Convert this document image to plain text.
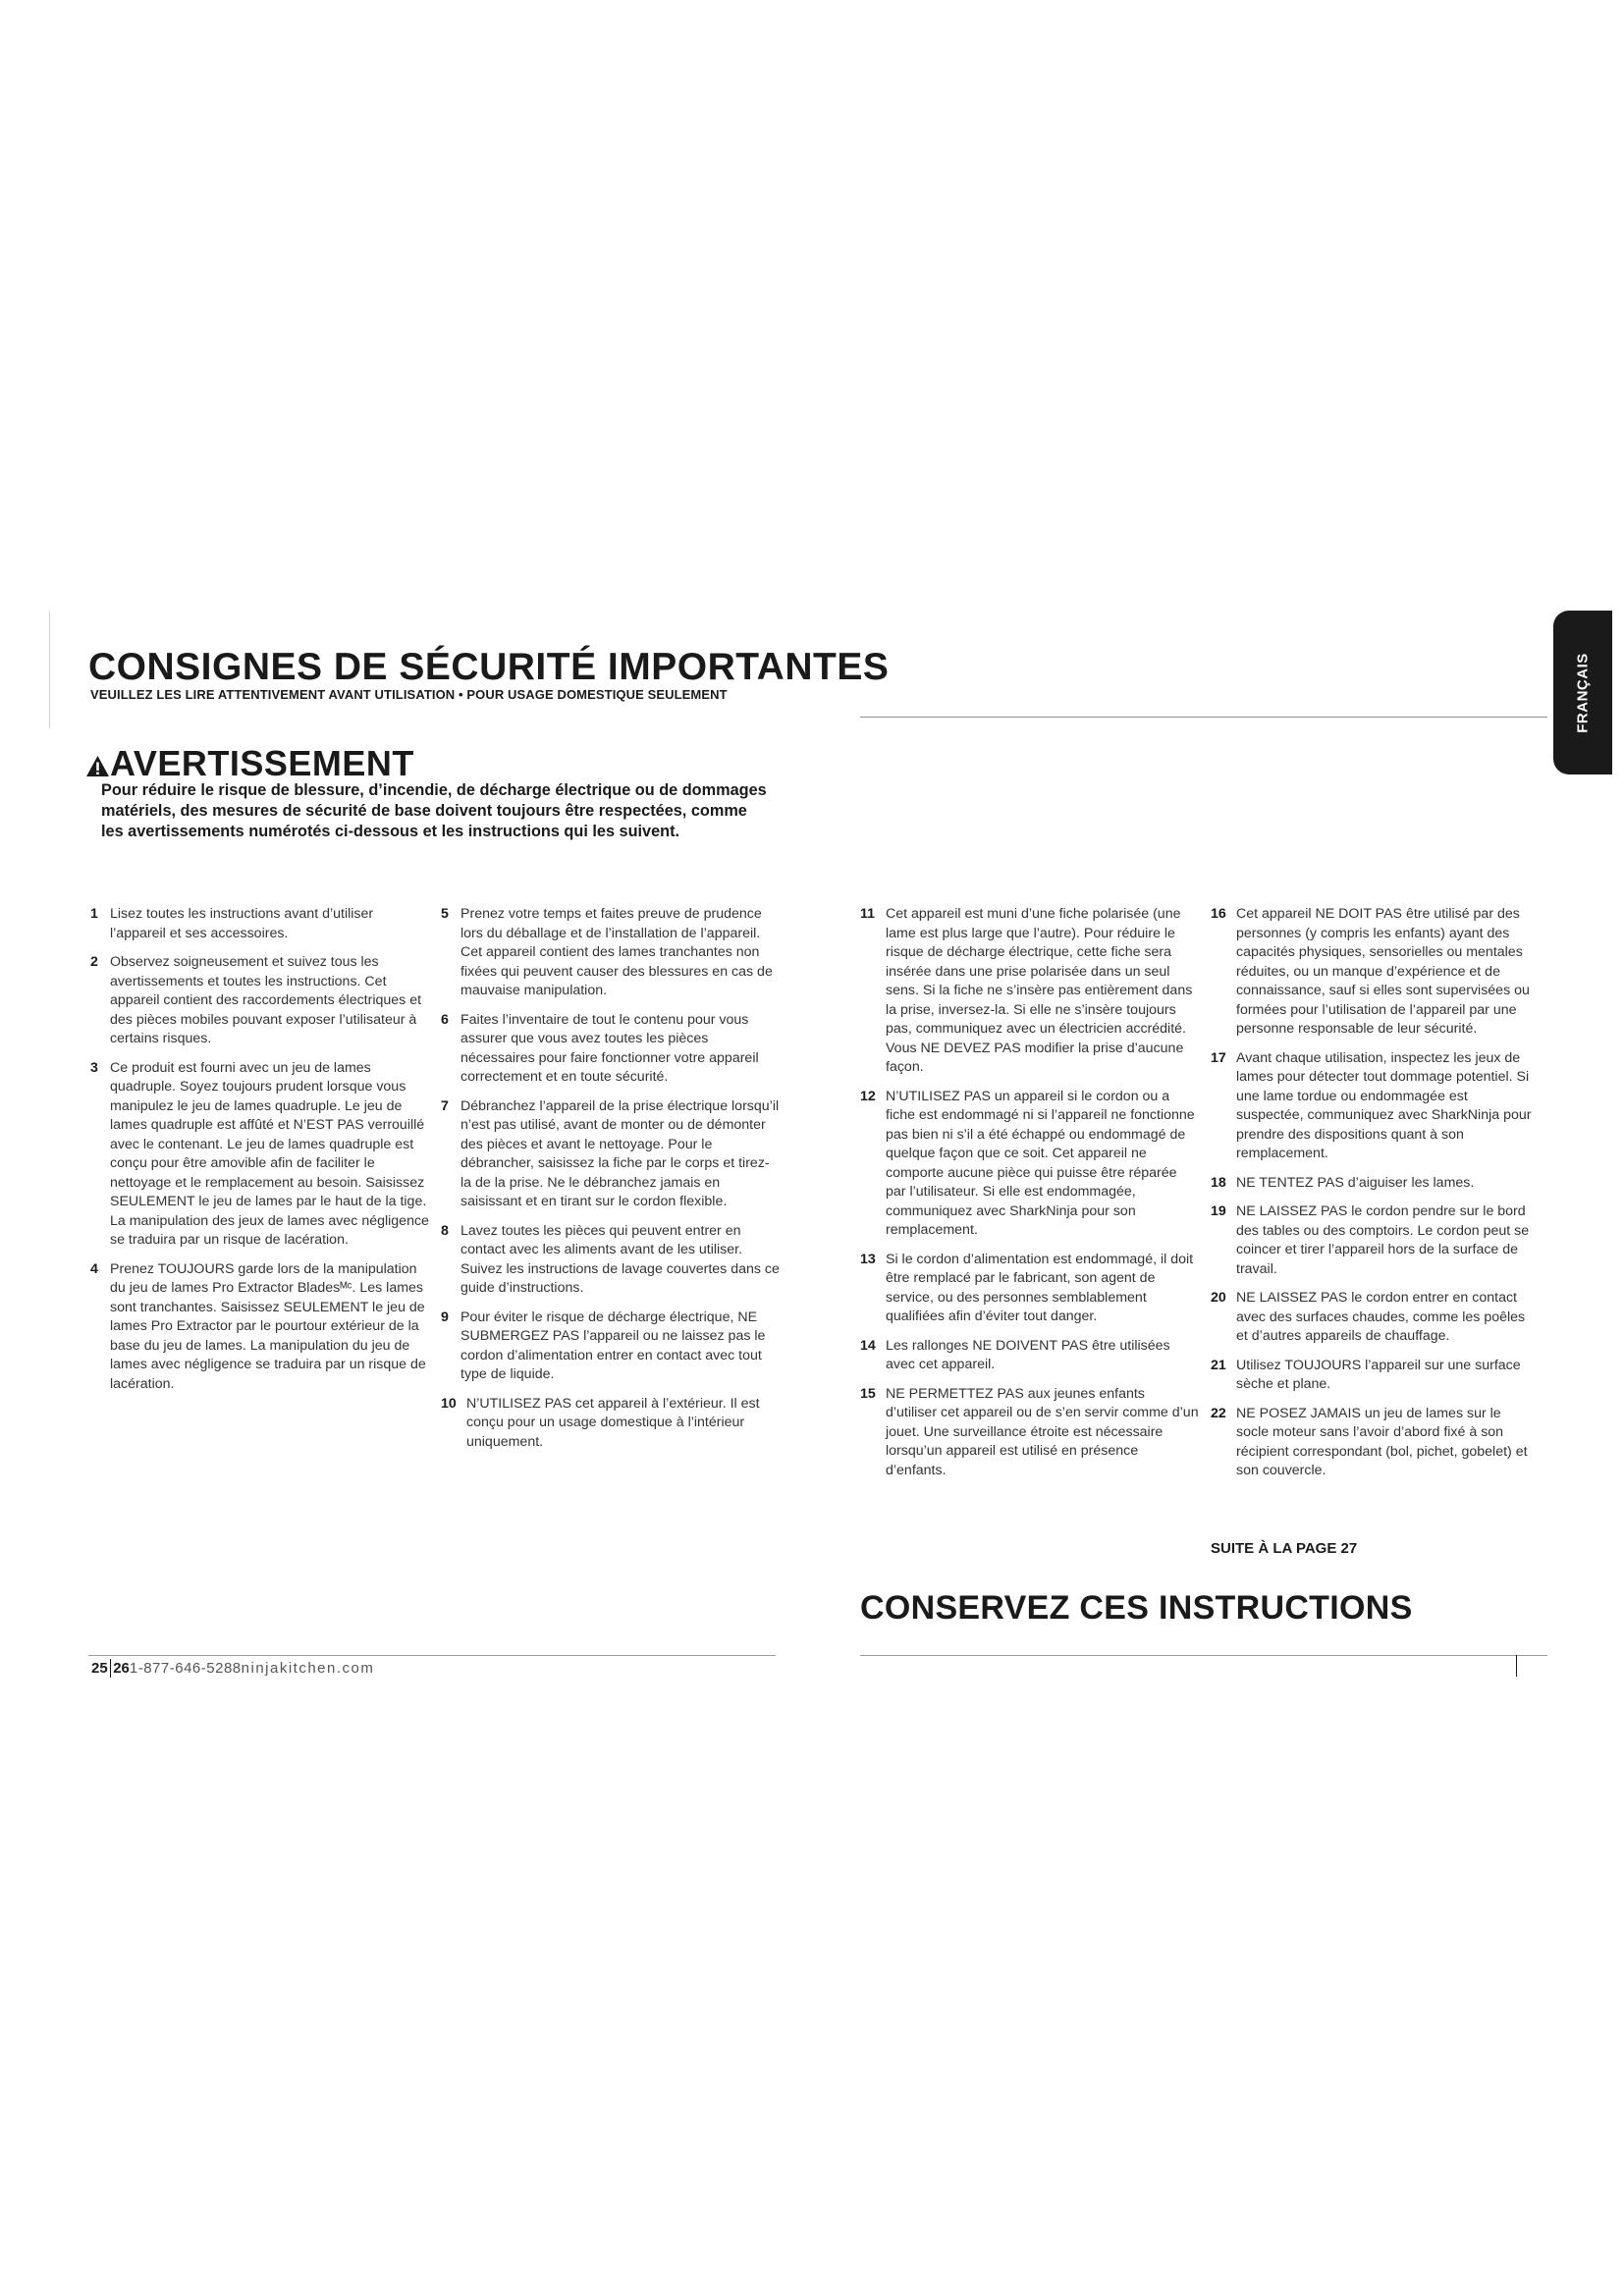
CONSIGNES DE SÉCURITÉ IMPORTANTES
VEUILLEZ LES LIRE ATTENTIVEMENT AVANT UTILISATION • POUR USAGE DOMESTIQUE SEULEMENT	FRANÇAIS
AVERTISSEMENT

Pour réduire le risque de blessure, d’incendie, de décharge électrique ou de dommages matériels, des mesures de sécurité de base doivent toujours être respectées, comme les avertissements numérotés ci-dessous et les instructions qui les suivent.

1 Lisez toutes les instructions avant d’utiliser l’appareil et ses accessoires.
2 Observez soigneusement et suivez tous les avertissements et toutes les instructions. Cet appareil contient des raccordements électriques et des pièces mobiles pouvant exposer l’utilisateur à certains risques.
3 Ce produit est fourni avec un jeu de lames quadruple. Soyez toujours prudent lorsque vous manipulez le jeu de lames quadruple. Le jeu de lames quadruple est affûté et N’EST PAS verrouillé avec le contenant. Le jeu de lames quadruple est conçu pour être amovible afin de faciliter le nettoyage et le remplacement au besoin. Saisissez SEULEMENT le jeu de lames par le haut de la tige. La manipulation des jeux de lames avec négligence se traduira par un risque de lacération.
4 Prenez TOUJOURS garde lors de la manipulation du jeu de lames Pro Extractor Bladesᴹᶜ. Les lames sont tranchantes. Saisissez SEULEMENT le jeu de lames Pro Extractor par le pourtour extérieur de la base du jeu de lames. La manipulation du jeu de lames avec négligence se traduira par un risque de lacération.
5 Prenez votre temps et faites preuve de prudence lors du déballage et de l’installation de l’appareil. Cet appareil contient des lames tranchantes non fixées qui peuvent causer des blessures en cas de mauvaise manipulation.
6 Faites l’inventaire de tout le contenu pour vous assurer que vous avez toutes les pièces nécessaires pour faire fonctionner votre appareil correctement et en toute sécurité.
7 Débranchez l’appareil de la prise électrique lorsqu’il n’est pas utilisé, avant de monter ou de démonter des pièces et avant le nettoyage. Pour le débrancher, saisissez la fiche par le corps et tirez-la de la prise. Ne le débranchez jamais en saisissant et en tirant sur le cordon flexible.
8 Lavez toutes les pièces qui peuvent entrer en contact avec les aliments avant de les utiliser. Suivez les instructions de lavage couvertes dans ce guide d’instructions.
9 Pour éviter le risque de décharge électrique, NE SUBMERGEZ PAS l’appareil ou ne laissez pas le cordon d’alimentation entrer en contact avec tout type de liquide.
10 N’UTILISEZ PAS cet appareil à l’extérieur. Il est conçu pour un usage domestique à l’intérieur uniquement.
11 Cet appareil est muni d’une fiche polarisée (une lame est plus large que l’autre). Pour réduire le risque de décharge électrique, cette fiche sera insérée dans une prise polarisée dans un seul sens. Si la fiche ne s’insère pas entièrement dans la prise, inversez-la. Si elle ne s’insère toujours pas, communiquez avec un électricien accrédité. Vous NE DEVEZ PAS modifier la prise d’aucune façon.
12 N’UTILISEZ PAS un appareil si le cordon ou a fiche est endommagé ni si l’appareil ne fonctionne pas bien ni s’il a été échappé ou endommagé de quelque façon que ce soit. Cet appareil ne comporte aucune pièce qui puisse être réparée par l’utilisateur. Si elle est endommagée, communiquez avec SharkNinja pour son remplacement.
13 Si le cordon d’alimentation est endommagé, il doit être remplacé par le fabricant, son agent de service, ou des personnes semblablement qualifiées afin d’éviter tout danger.
14 Les rallonges NE DOIVENT PAS être utilisées avec cet appareil.
15 NE PERMETTEZ PAS aux jeunes enfants d’utiliser cet appareil ou de s’en servir comme d’un jouet. Une surveillance étroite est nécessaire lorsqu’un appareil est utilisé en présence d’enfants.
16 Cet appareil NE DOIT PAS être utilisé par des personnes (y compris les enfants) ayant des capacités physiques, sensorielles ou mentales réduites, ou un manque d’expérience et de connaissance, sauf si elles sont supervisées ou formées pour l’utilisation de l’appareil par une personne responsable de leur sécurité.
17 Avant chaque utilisation, inspectez les jeux de lames pour détecter tout dommage potentiel. Si une lame tordue ou endommagée est suspectée, communiquez avec SharkNinja pour prendre des dispositions quant à son remplacement.
18 NE TENTEZ PAS d’aiguiser les lames.
19 NE LAISSEZ PAS le cordon pendre sur le bord des tables ou des comptoirs. Le cordon peut se coincer et tirer l’appareil hors de la surface de travail.
20 NE LAISSEZ PAS le cordon entrer en contact avec des surfaces chaudes, comme les poêles et d’autres appareils de chauffage.
21 Utilisez TOUJOURS l’appareil sur une surface sèche et plane.
22 NE POSEZ JAMAIS un jeu de lames sur le socle moteur sans l’avoir d’abord fixé à son récipient correspondant (bol, pichet, gobelet) et son couvercle.
SUITE À LA PAGE 27
CONSERVEZ CES INSTRUCTIONS
25 26 1-877-646-5288 ninjakitchen.com
